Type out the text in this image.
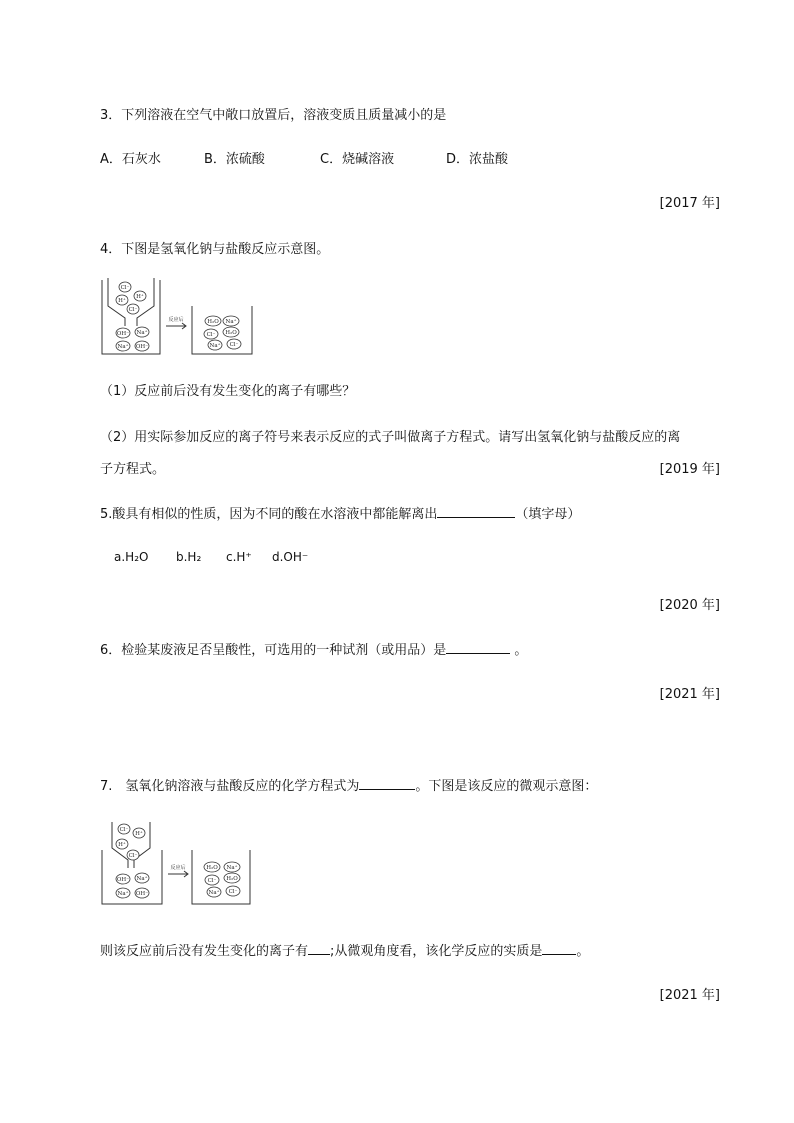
3．下列溶液在空气中敞口放置后，溶液变质且质量减小的是
A．石灰水	B．浓硫酸	C．烧碱溶液	D．浓盐酸
[2017 年]
4．下图是氢氧化钠与盐酸反应示意图。
Cl⁻
H⁺
H⁺
Cl⁻
OH⁻ Na⁺
Na⁺ OH⁻
H₂O Na⁺
Cl⁻ H₂O
Na⁺ Cl⁻
反应后
（1）反应前后没有发生变化的离子有哪些？
（2）用实际参加反应的离子符号来表示反应的式子叫做离子方程式。请写出氢氧化钠与盐酸反应的离
子方程式。	[2019 年]
5.酸具有相似的性质，因为不同的酸在水溶液中都能解离出	（填字母）
a.H₂O b.H₂ c.H⁺ d.OH⁻
[2020 年]
6．检验某废液足否呈酸性，可选用的一种试剂（或用品）是	。
[2021 年]
7.　氢氧化钠溶液与盐酸反应的化学方程式为	。下图是该反应的微观示意图：
Cl⁻
H⁺
H⁺
Cl⁻
OH⁻ Na⁺
Na⁺ OH⁻
H₂O Na⁺
Cl⁻ H₂O
Na⁺ Cl⁻
反应后
则该反应前后没有发生变化的离子有 ;从微观角度看，该化学反应的实质是	。
[2021 年]
